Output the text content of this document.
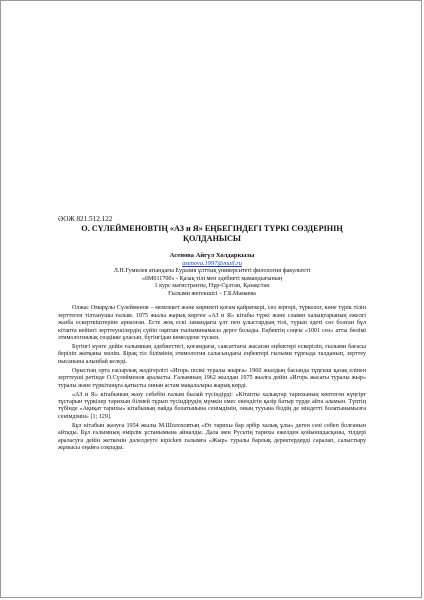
ӘОЖ 821.512.122
О. СҮЛЕЙМЕНОВТІҢ «АЗ и Я» ЕҢБЕГІНДЕГІ ТҮРКІ СӨЗДЕРІНІҢ
ҚОЛДАНЫСЫ
Асенова Айгүл Холдаркызы
asenova.1997@mail.ru
Л.Н.Гумилев атындағы Еуразия ұлттық университеті филология факультеті
«6М011700» - Қазақ тілі мен әдебиеті мамандығының
1 курс магистранты, Нұр-Сұлтан, Қазақстан
Ғылыми жетекшісі – Г.Б.Мамаева

Олжас Омарұлы Сүлейменов – мемлекет және көрнекті қоғам қайраткері, сөз зергері, түрколог, көне түрік тілін зерттеген тілтанушы ғалым. 1975 жылы жарық көрген «АЗ и Я» кітабы түркі және славян халықтарының ежелгі жазба ескерткіштеріне арналған. Есте жоқ ескі замандағы ұлт пен ұлыстардың тілі, түрып әдеті сөз болған бұл кітапта кейінгі зерттеушілердің сүйіп оқитын ғылыминамасы дерге болады. Еңбектің соңғы «1001 сөз» атты бөлімі этимологиялық сөздікке ұласып, бүгінгідан кемелдене түскен.

Бүгінгі күнге дейін ғалымның әдебиеттегі, қоғамдағы, саясаттағы жасаған еңбектері ескеріліп, ғылыми бағасы беріліп жатқаны мәлім. Бірақ тіл білімінің этимология саласындағы еңбектері ғылыми тұрғыда талданып, зерттеу нысанына алынбай келеді.

Орыстың орта ғасырлық жәдігерліті «Игорь полкі туралы жырға» 1960 жылдың басында тұңғыш қазақ елінен зерттеуші ретінде О.Сүлейменов араласты. Ғалымның 1962 жылдан 1975 жылға дейін «Игорь жасағы туралы жыр» туралы және түркітанұға қатысты оннан астам мақалалары жарық көрді.

«АЗ и Я» кітабының жазу себебін ғалым былай түсіндірді: «Кітапты халықтар тарихының көптеген күңгірт тұстарын түркілер тарихын білмей тұрып түсіндірудің мүмкін емес екендігін қазір батыр түрде айта аламын. Түптің түбінде «Ақиқат тарихы» кітабының пайда болатынына сенімдімін, оның тууына біздің де міндетті болатынымызға сенімдімін» [1; 129].

Бұл кітабын жазуға 1954 жылы М.Шолоховтың «Өз тарихы бар әрбір халық ұлы» деген сөзі себеп болғанын айтады. Бұл ғалымның өмірлік ұстанымына айналды. Дала мен Русьтің тарихы ежелден қойыншдасқаны, тілдері араласуға дейін жеткенін дәлелдеуге кірісken ғалымға «Жыр» туралы барлық деректердерді саралап, салыстыру жұмысы оңайға соқпады.
